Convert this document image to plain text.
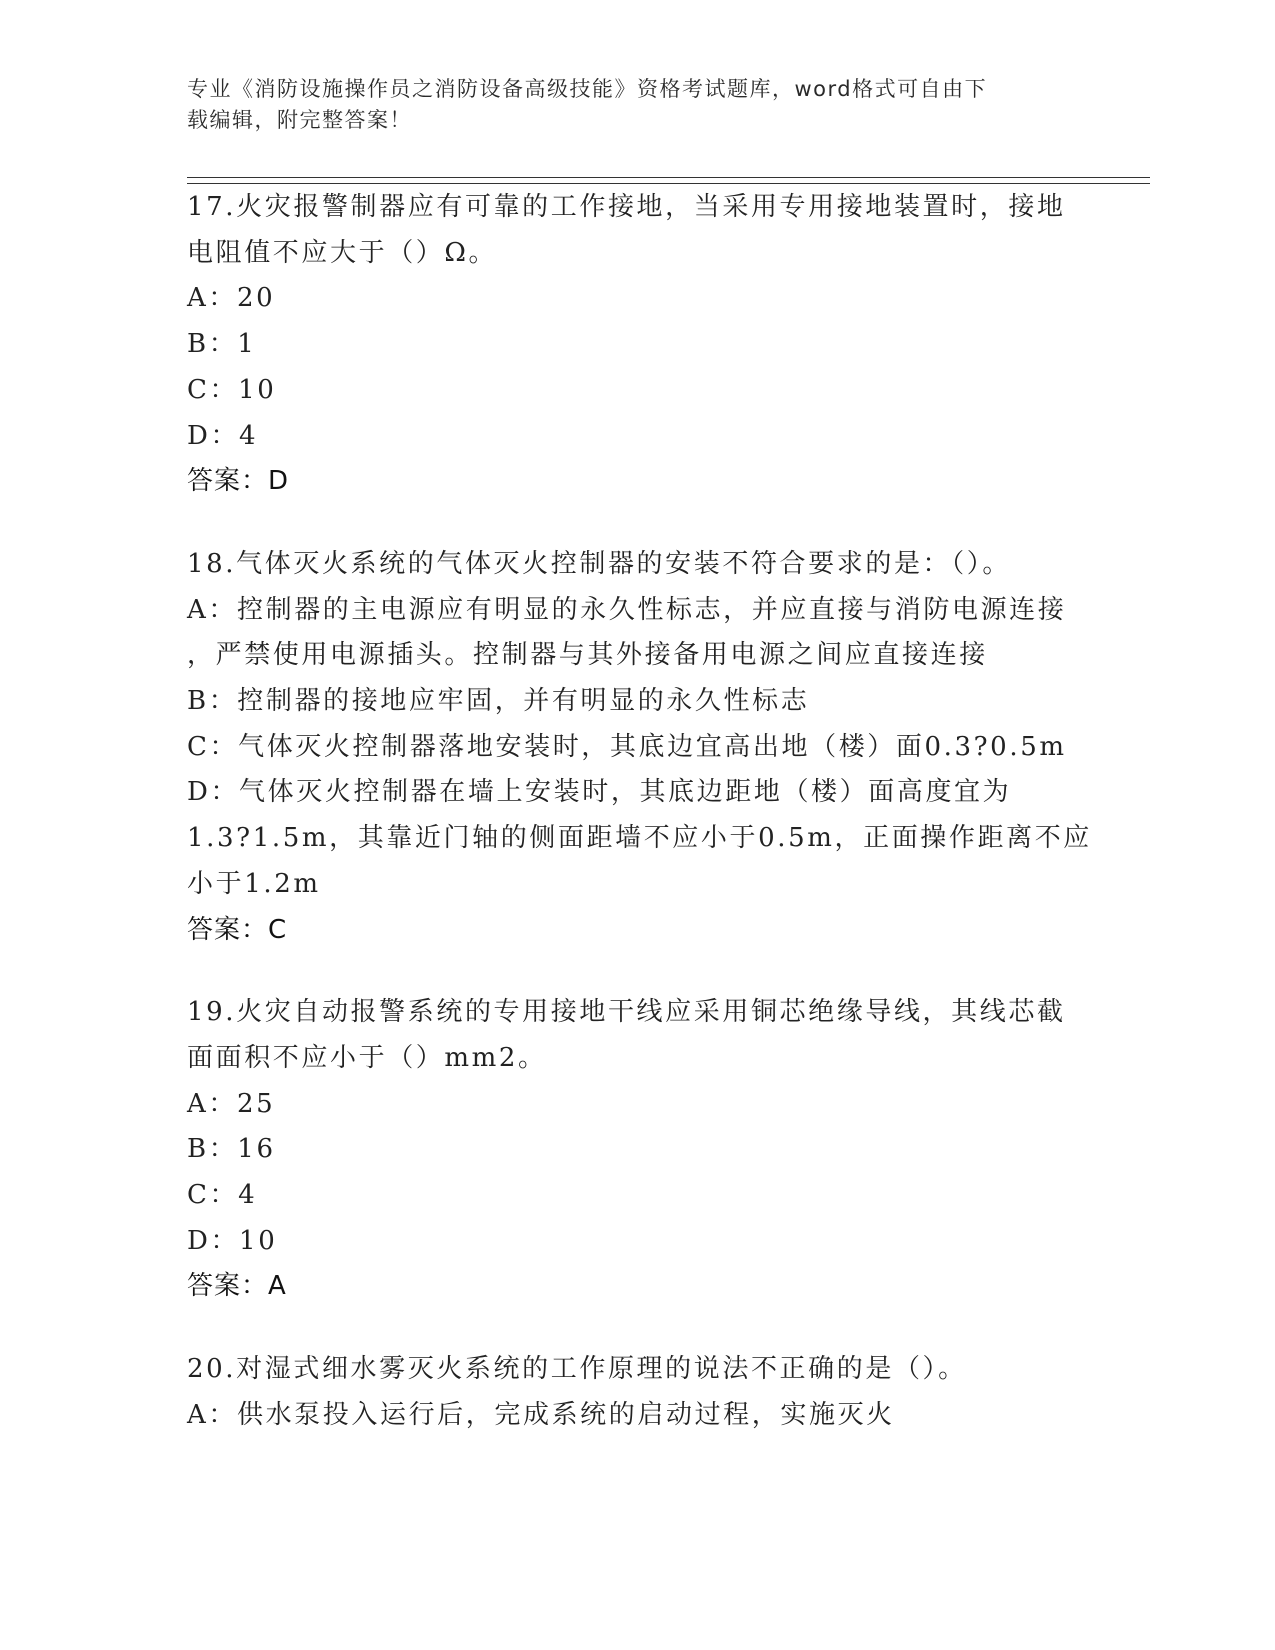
专业《消防设施操作员之消防设备高级技能》资格考试题库，word格式可自由下
载编辑，附完整答案！
17.火灾报警制器应有可靠的工作接地，当采用专用接地装置时，接地
电阻值不应大于（）Ω。
A：20
B：1
C：10
D：4
答案：D
18.气体灭火系统的气体灭火控制器的安装不符合要求的是：（）。
A：控制器的主电源应有明显的永久性标志，并应直接与消防电源连接
，严禁使用电源插头。控制器与其外接备用电源之间应直接连接
B：控制器的接地应牢固，并有明显的永久性标志
C：气体灭火控制器落地安装时，其底边宜高出地（楼）面0.3?0.5m
D：气体灭火控制器在墙上安装时，其底边距地（楼）面高度宜为
1.3?1.5m，其靠近门轴的侧面距墙不应小于0.5m，正面操作距离不应
小于1.2m
答案：C
19.火灾自动报警系统的专用接地干线应采用铜芯绝缘导线，其线芯截
面面积不应小于（）mm2。
A：25
B：16
C：4
D：10
答案：A
20.对湿式细水雾灭火系统的工作原理的说法不正确的是（）。
A：供水泵投入运行后，完成系统的启动过程，实施灭火
